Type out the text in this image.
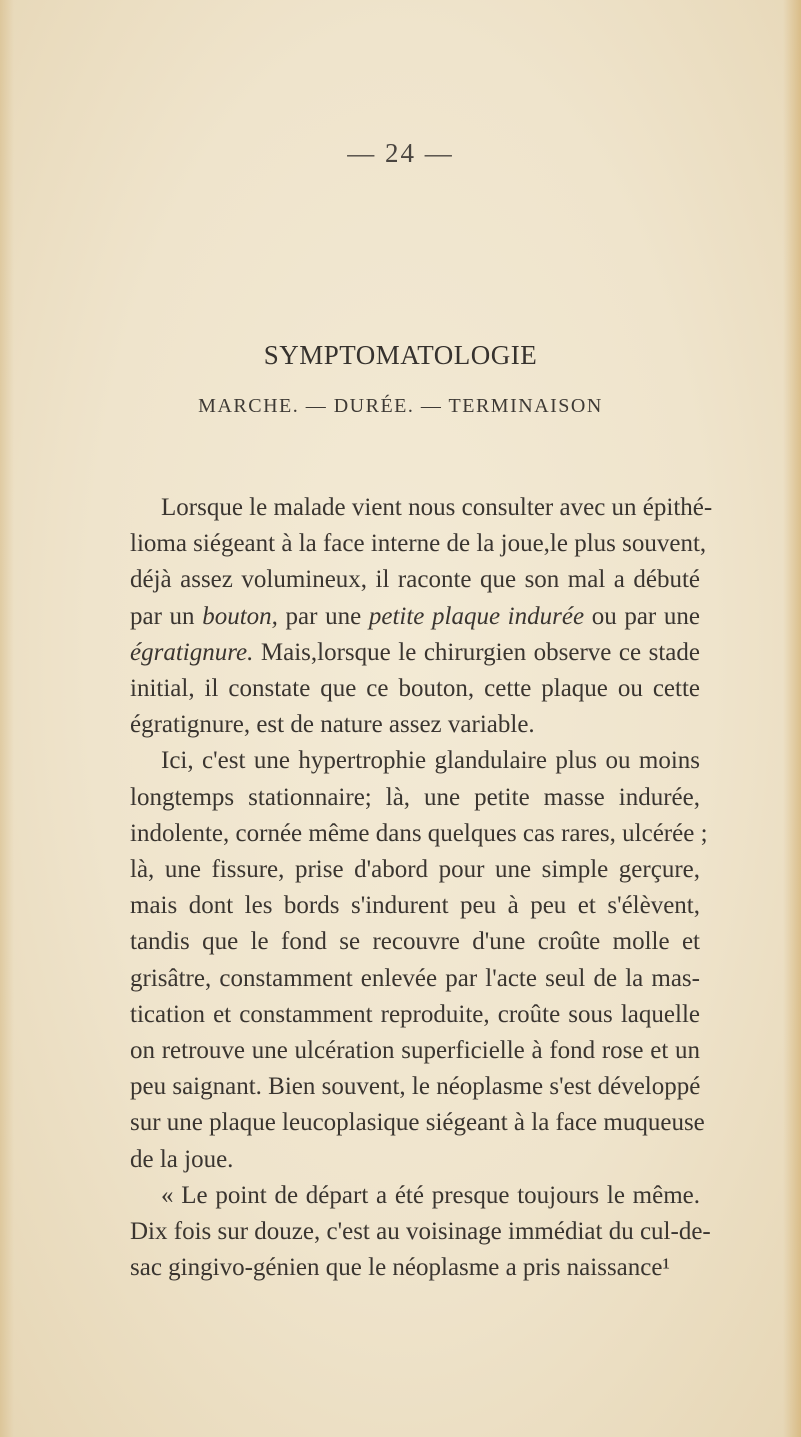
— 24 —
SYMPTOMATOLOGIE
MARCHE. — DURÉE. — TERMINAISON
Lorsque le malade vient nous consulter avec un épithé-
lioma siégeant à la face interne de la joue,le plus souvent,
déjà assez volumineux, il raconte que son mal a débuté
par un bouton, par une petite plaque indurée ou par une
égratignure. Mais,lorsque le chirurgien observe ce stade
initial, il constate que ce bouton, cette plaque ou cette
égratignure, est de nature assez variable.
Ici, c'est une hypertrophie glandulaire plus ou moins
longtemps stationnaire; là, une petite masse indurée,
indolente, cornée même dans quelques cas rares, ulcérée ;
là, une fissure, prise d'abord pour une simple gerçure,
mais dont les bords s'indurent peu à peu et s'élèvent,
tandis que le fond se recouvre d'une croûte molle et
grisâtre, constamment enlevée par l'acte seul de la mas-
tication et constamment reproduite, croûte sous laquelle
on retrouve une ulcération superficielle à fond rose et un
peu saignant. Bien souvent, le néoplasme s'est développé
sur une plaque leucoplasique siégeant à la face muqueuse
de la joue.
« Le point de départ a été presque toujours le même.
Dix fois sur douze, c'est au voisinage immédiat du cul-de-
sac gingivo-génien que le néoplasme a pris naissance¹
